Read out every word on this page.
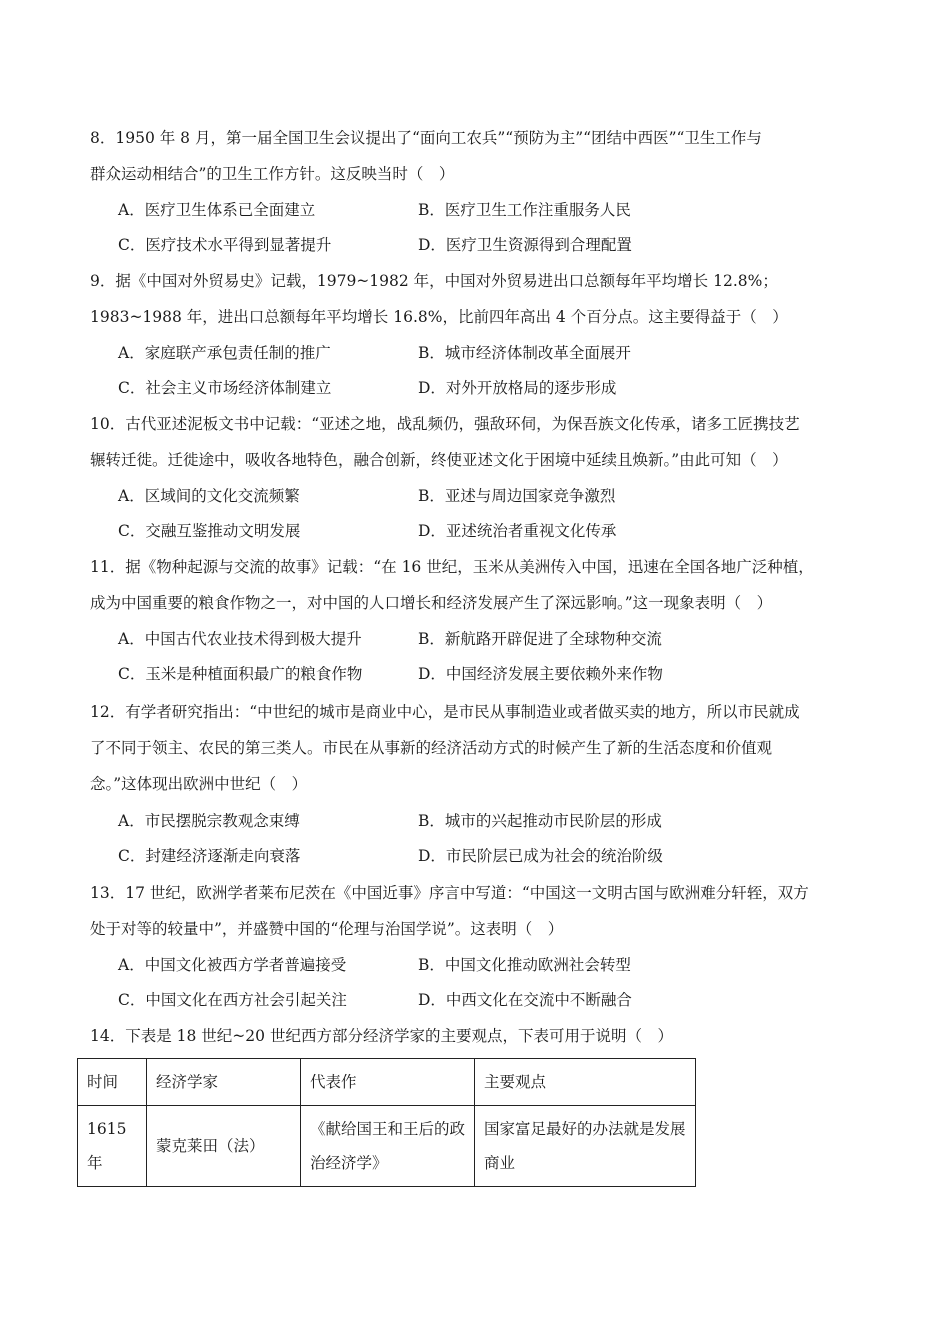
8．1950 年 8 月，第一届全国卫生会议提出了“面向工农兵”“预防为主”“团结中西医”“卫生工作与
群众运动相结合”的卫生工作方针。这反映当时（　）
A．医疗卫生体系已全面建立	B．医疗卫生工作注重服务人民
C．医疗技术水平得到显著提升	D．医疗卫生资源得到合理配置
9．据《中国对外贸易史》记载，1979~1982 年，中国对外贸易进出口总额每年平均增长 12.8%；
1983~1988 年，进出口总额每年平均增长 16.8%，比前四年高出 4 个百分点。这主要得益于（　）
A．家庭联产承包责任制的推广	B．城市经济体制改革全面展开
C．社会主义市场经济体制建立	D．对外开放格局的逐步形成
10．古代亚述泥板文书中记载：“亚述之地，战乱频仍，强敌环伺，为保吾族文化传承，诸多工匠携技艺
辗转迁徙。迁徙途中，吸收各地特色，融合创新，终使亚述文化于困境中延续且焕新。”由此可知（　）
A．区域间的文化交流频繁	B．亚述与周边国家竞争激烈
C．交融互鉴推动文明发展	D．亚述统治者重视文化传承
11．据《物种起源与交流的故事》记载：“在 16 世纪，玉米从美洲传入中国，迅速在全国各地广泛种植，
成为中国重要的粮食作物之一，对中国的人口增长和经济发展产生了深远影响。”这一现象表明（　）
A．中国古代农业技术得到极大提升	B．新航路开辟促进了全球物种交流
C．玉米是种植面积最广的粮食作物	D．中国经济发展主要依赖外来作物
12．有学者研究指出：“中世纪的城市是商业中心，是市民从事制造业或者做买卖的地方，所以市民就成
了不同于领主、农民的第三类人。市民在从事新的经济活动方式的时候产生了新的生活态度和价值观
念。”这体现出欧洲中世纪（　）
A．市民摆脱宗教观念束缚	B．城市的兴起推动市民阶层的形成
C．封建经济逐渐走向衰落	D．市民阶层已成为社会的统治阶级
13．17 世纪，欧洲学者莱布尼茨在《中国近事》序言中写道：“中国这一文明古国与欧洲难分轩轾，双方
处于对等的较量中”，并盛赞中国的“伦理与治国学说”。这表明（　）
A．中国文化被西方学者普遍接受	B．中国文化推动欧洲社会转型
C．中国文化在西方社会引起关注	D．中西文化在交流中不断融合
14．下表是 18 世纪~20 世纪西方部分经济学家的主要观点，下表可用于说明（　）
时间	经济学家	代表作	主要观点
1615 年	蒙克莱田（法）	《献给国王和王后的政治经济学》	国家富足最好的办法就是发展商业
